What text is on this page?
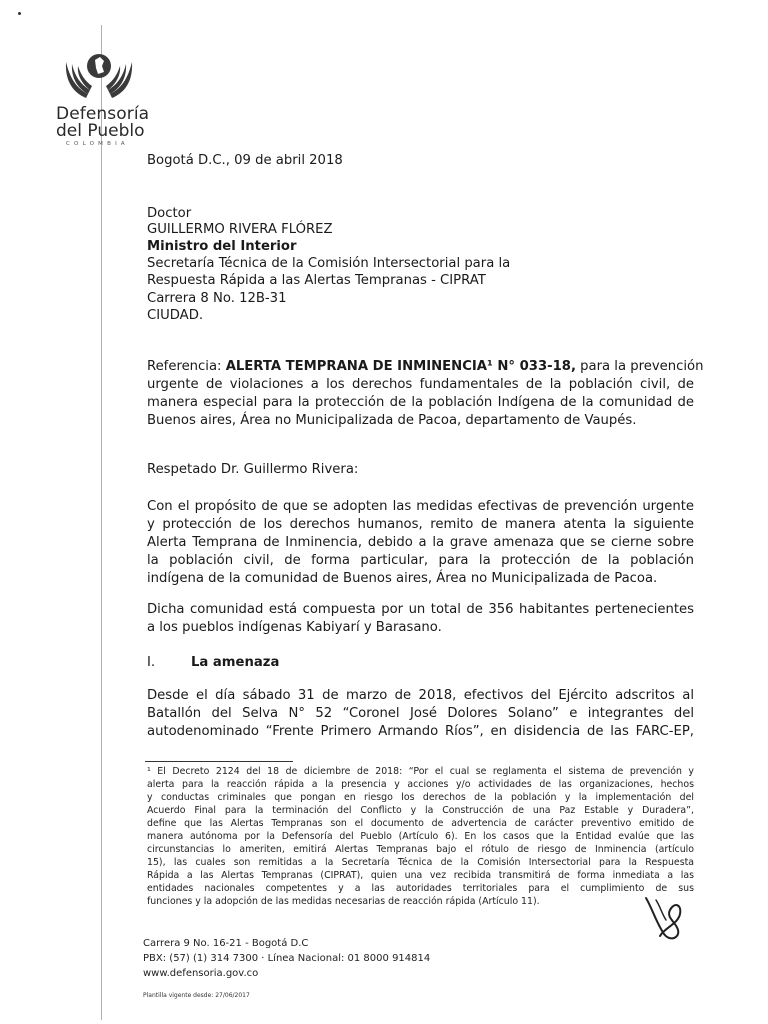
Defensoría
del Pueblo
COLOMBIA
Bogotá D.C., 09 de abril 2018
Doctor
GUILLERMO RIVERA FLÓREZ
Ministro del Interior
Secretaría Técnica de la Comisión Intersectorial para la
Respuesta Rápida a las Alertas Tempranas - CIPRAT
Carrera 8 No. 12B-31
CIUDAD.
Referencia: ALERTA TEMPRANA DE INMINENCIA¹ N° 033-18, para la prevención
urgente de violaciones a los derechos fundamentales de la población civil, de
manera especial para la protección de la población Indígena de la comunidad de
Buenos aires, Área no Municipalizada de Pacoa, departamento de Vaupés.
Respetado Dr. Guillermo Rivera:
Con el propósito de que se adopten las medidas efectivas de prevención urgente
y protección de los derechos humanos, remito de manera atenta la siguiente
Alerta Temprana de Inminencia, debido a la grave amenaza que se cierne sobre
la población civil, de forma particular, para la protección de la población
indígena de la comunidad de Buenos aires, Área no Municipalizada de Pacoa.
Dicha comunidad está compuesta por un total de 356 habitantes pertenecientes
a los pueblos indígenas Kabiyarí y Barasano.
I.	La amenaza
Desde el día sábado 31 de marzo de 2018, efectivos del Ejército adscritos al
Batallón del Selva N° 52 “Coronel José Dolores Solano” e integrantes del
autodenominado “Frente Primero Armando Ríos”, en disidencia de las FARC-EP,
¹ El Decreto 2124 del 18 de diciembre de 2018: “Por el cual se reglamenta el sistema de prevención y
alerta para la reacción rápida a la presencia y acciones y/o actividades de las organizaciones, hechos
y conductas criminales que pongan en riesgo los derechos de la población y la implementación del
Acuerdo Final para la terminación del Conflicto y la Construcción de una Paz Estable y Duradera”,
define que las Alertas Tempranas son el documento de advertencia de carácter preventivo emitido de
manera autónoma por la Defensoría del Pueblo (Artículo 6). En los casos que la Entidad evalúe que las
circunstancias lo ameriten, emitirá Alertas Tempranas bajo el rótulo de riesgo de Inminencia (artículo
15), las cuales son remitidas a la Secretaría Técnica de la Comisión Intersectorial para la Respuesta
Rápida a las Alertas Tempranas (CIPRAT), quien una vez recibida transmitirá de forma inmediata a las
entidades nacionales competentes y a las autoridades territoriales para el cumplimiento de sus
funciones y la adopción de las medidas necesarias de reacción rápida (Artículo 11).
Carrera 9 No. 16-21 - Bogotá D.C
PBX: (57) (1) 314 7300 · Línea Nacional: 01 8000 914814
www.defensoria.gov.co
Plantilla vigente desde: 27/06/2017
